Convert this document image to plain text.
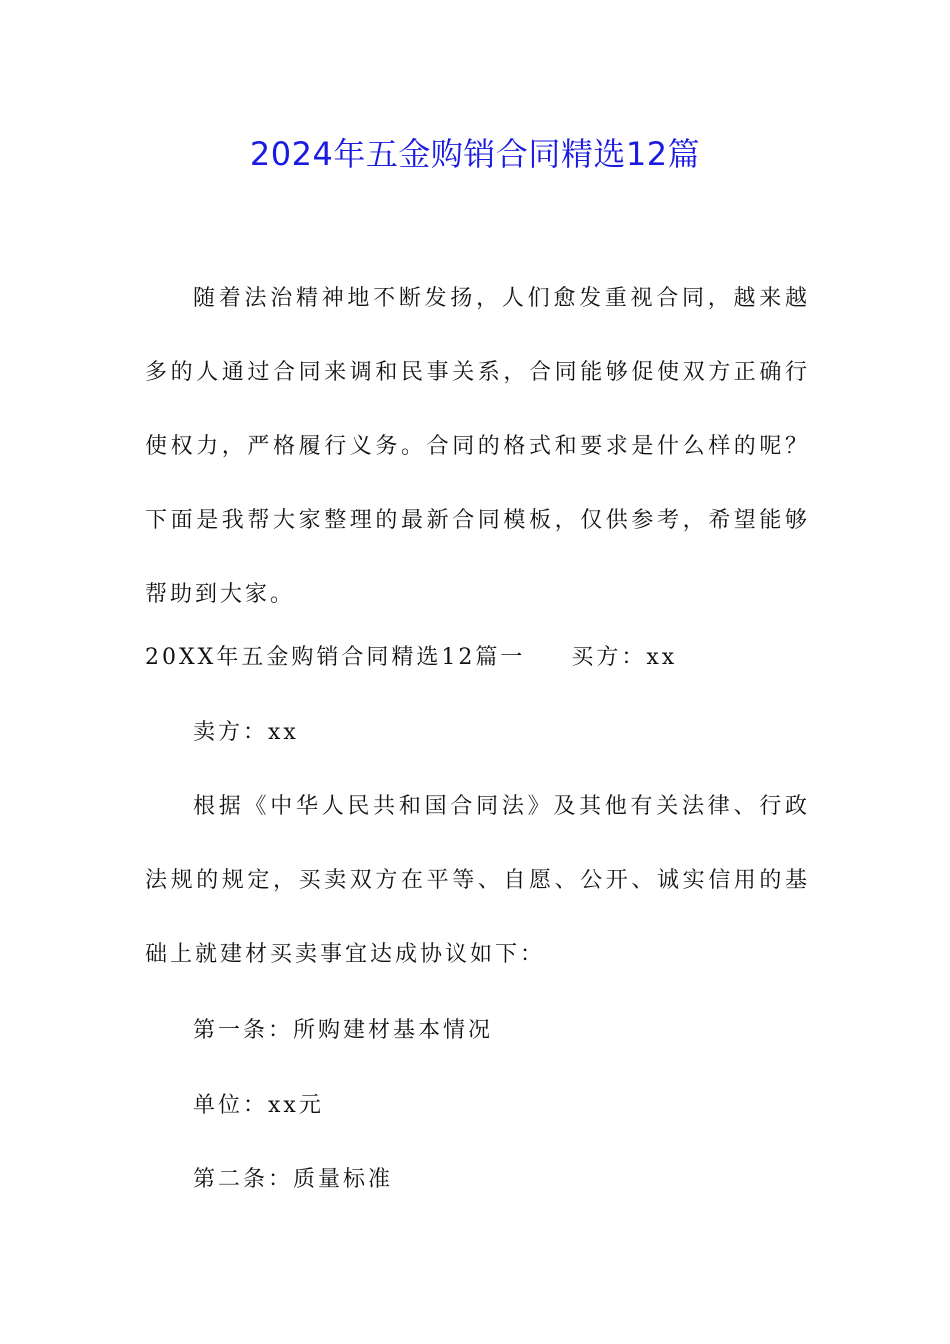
2024年五金购销合同精选12篇

随着法治精神地不断发扬，人们愈发重视合同，越来越多的人通过合同来调和民事关系，合同能够促使双方正确行使权力，严格履行义务。合同的格式和要求是什么样的呢？下面是我帮大家整理的最新合同模板，仅供参考，希望能够帮助到大家。

20XX年五金购销合同精选12篇一 买方：xx
卖方：xx

根据《中华人民共和国合同法》及其他有关法律、行政法规的规定，买卖双方在平等、自愿、公开、诚实信用的基础上就建材买卖事宜达成协议如下：

第一条：所购建材基本情况
单位：xx元
第二条：质量标准
